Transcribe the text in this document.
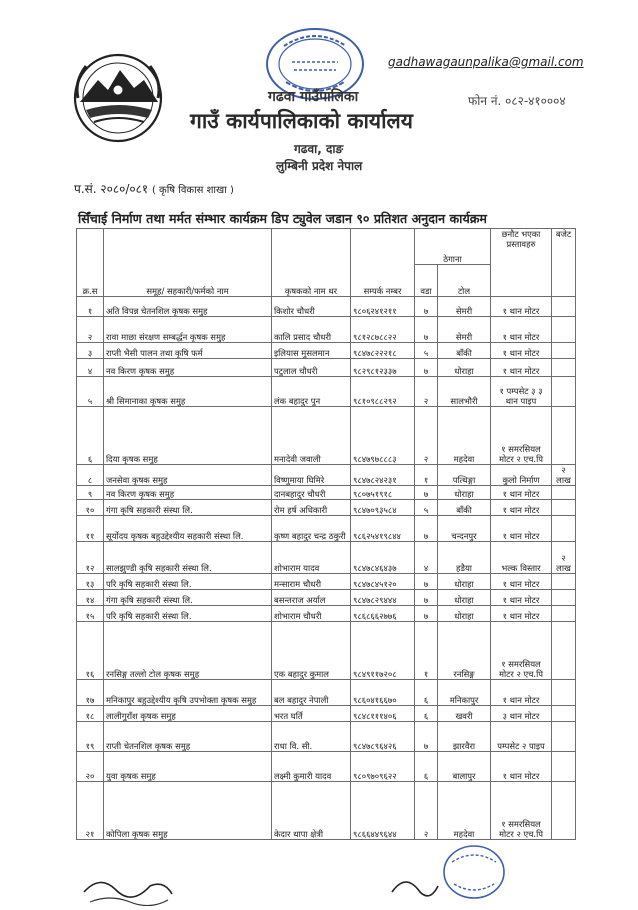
gadhawagaunpalika@gmail.com
फोन नं. ०८२-४१०००४
गढवा गाउँपालिका
गाउँ कार्यपालिकाको कार्यालय
गढवा, दाङ
लुम्बिनी प्रदेश नेपाल
प.सं. २०८०/०८१ ( कृषि विकास शाखा )
सिँचाई निर्माण तथा मर्मत संम्भार कार्यक्रम डिप ट्युवेल जडान ९० प्रतिशत अनुदान कार्यक्रम
क्र.स	समूह/ सहकारी/फर्मको नाम	कृषकको नाम थर	सम्पर्क नम्बर	ठेगाना		छनौट भएका प्रस्तावहरु	बजेट
				वडा	टोल		
१	अति विपन्न चेतनशिल कृषक समुह	किशोर चौधरी	९८०६२४१२११	७	सेमरी	१ थान मोटर	
२	रावा माछा संरक्षण सम्बर्द्धन कृषक समुह	कालि प्रसाद चौधरी	९८१२८७८८२२	७	सेमरी	१ थान मोटर	
३	राप्ती भैसी पालन तथा कृषि फर्म	इलियास मुसलमान	९८४७८२२२१८	५	बाँकी	१ थान मोटर	
४	नव किरण कृषक समुह	पटुलाल चौधरी	९८२९८१२३३७	७	धोराहा	१ थान मोटर	
५	श्री सिमानाका कृषक समुह	लंक बहादुर पुन	९८१०९८८२९२	२	सालभौरी	१ पम्पसेट ३ ३ थान पाइप	
६	दिया कृषक समुह	मनादेवी जवाली	९८४७९७८८८३	२	महदेवा	१ समरसियल मोटर २ एच.पि	
८	जनसेवा कृषक समुह	विष्णुमाया घिमिरे	९८४७८२४२३१	१	पत्थिङ्गा	कुलो निर्माण	२ लाख
९	नव किरण कृषक समुह	दानबहादुर चौधरी	९८०७५१९१८	७	धोराहा	१ थान मोटर	
१०	गंगा कृषि सहकारी संस्था लि.	रोम हर्ष अधिकारी	९८४७०९३५८४	५	बाँकी	१ थान मोटर	
११	सूर्योदय कृषक बहुउद्देश्यीय सहकारी संस्था लि.	कृष्ण बहादुर चन्द्र ठकुरी	९८६२५४१९८४४	७	चन्दनपुर	१ थान मोटर	
१२	सालझुण्डी कृषि सहकारी संस्था लि.	शोभाराम यादव	९८४७८४६४३७	४	हडैया	भल्क विस्तार	२ लाख
१३	परि कृषि सहकारी संस्था लि.	मन्साराम चौधरी	९८४७८४५१२०	७	धोराहा	१ थान मोटर	
१४	गंगा कृषि सहकारी संस्था लि.	बसन्तराज अर्याल	९८४७८२९४४४	७	धोराहा	१ थान मोटर	
१५	परि कृषि सहकारी संस्था लि.	शोभाराम चौधरी	९८६८६६२७७६	७	धोराहा	१ थान मोटर	
१६	रनसिङ्ग तल्लो टोल कृषक समुह	एक बहादुर कुमाल	९८४९११७२०८	१	रनसिङ्ग	१ समरसियल मोटर २ एच.पि	
१७	मनिकापुर बहुउद्देश्यीय कृषि उपभोक्ता कृषक समुह	बल बहादुर नेपाली	९८६०४१६६७०	६	मनिकापुर	१ थान मोटर	
१८	लालीगुराँश कृषक समुह	भरत घर्ति	९८४८१११४०६	६	खवरी	३ थान मोटर	
१९	राप्ती चेतनशिल कृषक समुह	राधा वि. सी.	९८४७८९६४२६	७	झारवैरा	पम्पसेट २ पाइप	
२०	युवा कृषक समुह	लक्ष्मी कुमारी यादव	९८०९७०९६२२	६	बालापुर	१ थान मोटर	
२१	कोपिला कृषक समुह	केदार थापा क्षेत्री	९८६६४४९६४४	२	महदेवा	१ समरसियल मोटर २ एच.पि	
